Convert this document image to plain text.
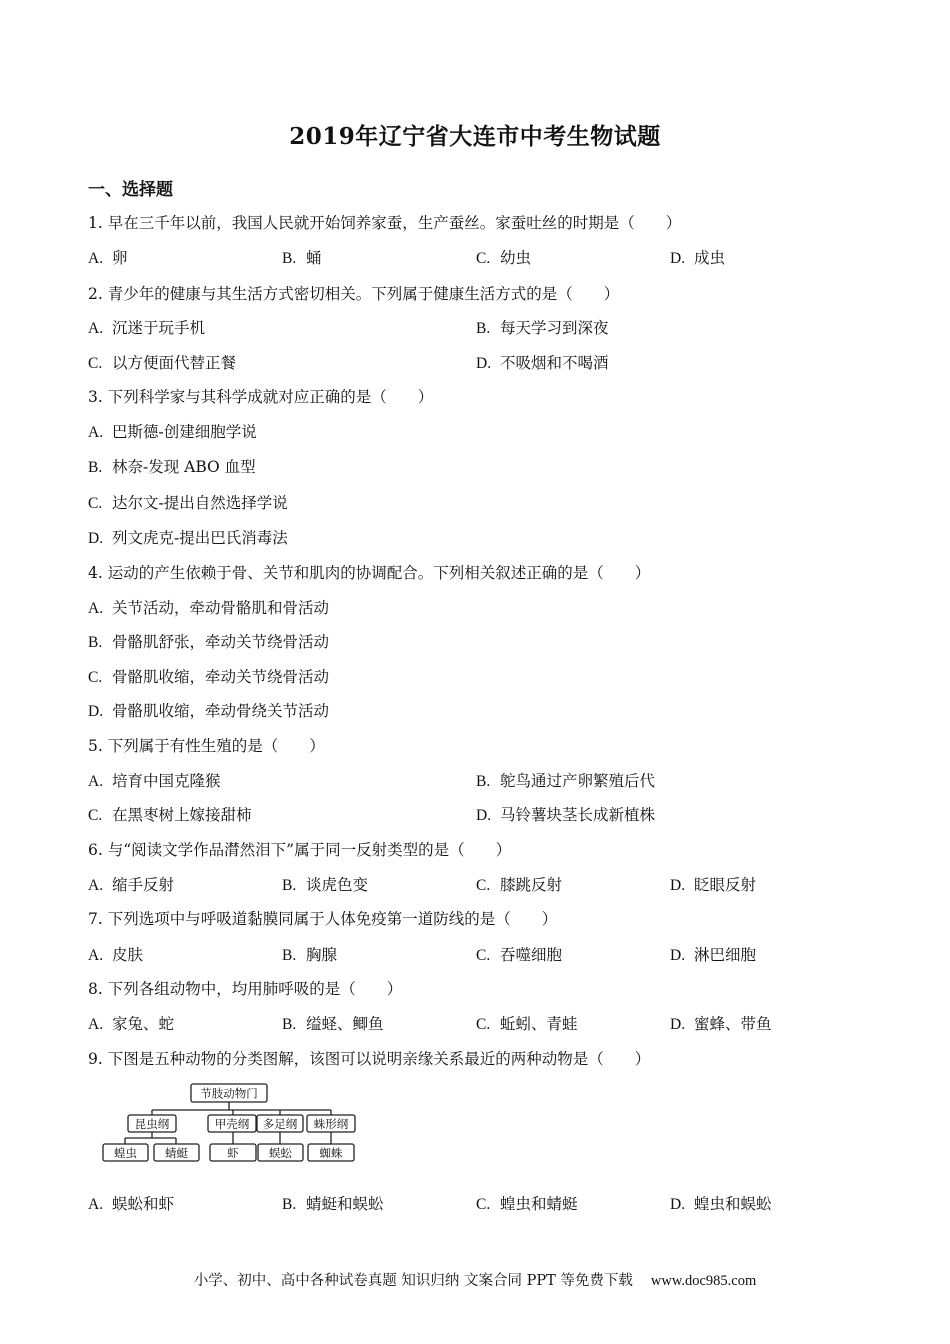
2019年辽宁省大连市中考生物试题
一、选择题
1. 早在三千年以前，我国人民就开始饲养家蚕，生产蚕丝。家蚕吐丝的时期是（　　）
A. 卵	B. 蛹	C. 幼虫	D. 成虫
2. 青少年的健康与其生活方式密切相关。下列属于健康生活方式的是（　　）
A. 沉迷于玩手机	B. 每天学习到深夜
C. 以方便面代替正餐	D. 不吸烟和不喝酒
3. 下列科学家与其科学成就对应正确的是（　　）
A. 巴斯德-创建细胞学说
B. 林奈-发现 ABO 血型
C. 达尔文-提出自然选择学说
D. 列文虎克-提出巴氏消毒法
4. 运动的产生依赖于骨、关节和肌肉的协调配合。下列相关叙述正确的是（　　）
A. 关节活动，牵动骨骼肌和骨活动
B. 骨骼肌舒张，牵动关节绕骨活动
C. 骨骼肌收缩，牵动关节绕骨活动
D. 骨骼肌收缩，牵动骨绕关节活动
5. 下列属于有性生殖的是（　　）
A. 培育中国克隆猴	B. 鸵鸟通过产卵繁殖后代
C. 在黑枣树上嫁接甜柿	D. 马铃薯块茎长成新植株
6. 与“阅读文学作品潸然泪下”属于同一反射类型的是（　　）
A. 缩手反射	B. 谈虎色变	C. 膝跳反射	D. 眨眼反射
7. 下列选项中与呼吸道黏膜同属于人体免疫第一道防线的是（　　）
A. 皮肤	B. 胸腺	C. 吞噬细胞	D. 淋巴细胞
8. 下列各组动物中，均用肺呼吸的是（　　）
A. 家兔、蛇	B. 缢蛏、鲫鱼	C. 蚯蚓、青蛙	D. 蜜蜂、带鱼
9. 下图是五种动物的分类图解，该图可以说明亲缘关系最近的两种动物是（　　）
节肢动物门
昆虫纲	甲壳纲 多足纲 蛛形纲
蝗虫 蜻蜓	虾	蜈蚣 蜘蛛
A. 蜈蚣和虾	B. 蜻蜓和蜈蚣	C. 蝗虫和蜻蜓	D. 蝗虫和蜈蚣
小学、初中、高中各种试卷真题 知识归纳 文案合同 PPT 等免费下载 www.doc985.com
